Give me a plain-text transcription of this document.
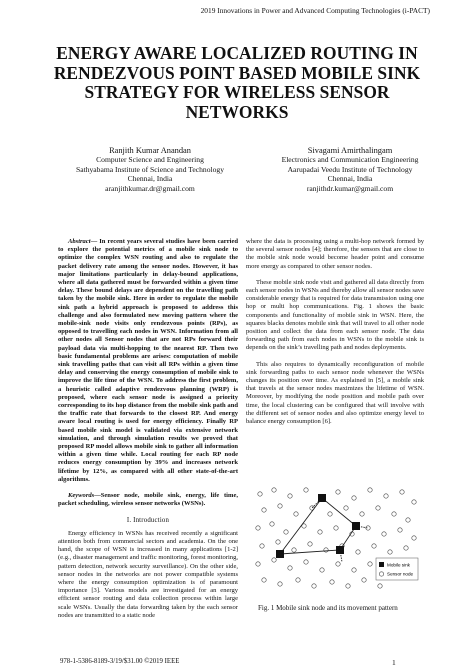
2019 Innovations in Power and Advanced Computing Technologies (i-PACT)
ENERGY AWARE LOCALIZED ROUTING IN
RENDEZVOUS POINT BASED MOBILE SINK
STRATEGY FOR WIRELESS SENSOR
NETWORKS
Ranjith Kumar Anandan
Computer Science and Engineering
Sathyabama Institute of Science and Technology
Chennai, India
aranjithkumar.dr@gmail.com
Sivagami Amirthalingam
Electronics and Communication Engineering
Aarupadai Veedu Institute of Technology
Chennai, India
ranjithdr.kumar@gmail.com

Abstract— In recent years several studies have been carried to explore the potential metrics of a mobile sink node to optimize the complex WSN routing and also to regulate the packet delivery rate among the sensor nodes. However, it has major limitations particularly in delay-bound applications, where all data gathered must be forwarded within a given time delay. These bound delays are dependent on the travelling path taken by the mobile sink. Here in order to regulate the mobile sink path a hybrid approach is proposed to address this challenge and also formulated new moving pattern where the mobile-sink node visits only rendezvous points (RPs), as opposed to travelling each nodes in WSN. Information from all other nodes all Sensor nodes that are not RPs forward their payload data via multi-hopping to the nearest RP. Then two basic fundamental problems are arises: computation of mobile sink travelling paths that can visit all RPs within a given time delay and conserving the energy consumption of mobile sink to improve the life time of the WSN. To address the first problem, a heuristic called adaptive rendezvous planning (WRP) is proposed, where each sensor node is assigned a priority corresponding to its hop distance from the mobile sink path and the traffic rate that forwards to the closest RP. And energy aware local routing is used for energy efficiency. Finally RP based mobile sink model is validated via extensive network simulation, and through simulation results we proved that proposed RP model allows mobile sink to gather all information within a given time while. Local routing for each RP node reduces energy consumption by 39% and increases network lifetime by 12%, as compared with all other state-of-the-art algorithms.

Keywords—Sensor node, mobile sink, energy, life time, packet scheduling, wireless sensor networks (WSNs).

I. Introduction

Energy efficiency in WSNs has received recently a significant attention both from commercial sectors and academia. On the one hand, the scope of WSN is increased in many applications [1-2](e.g., disaster management and traffic monitoring, forest monitoring, pattern detection, network security surveillance). On the other side, sensor nodes in the networks are not power compatible systems where the energy consumption optimization is of paramount importance [3]. Various models are investigated for an energy efficient sensor routing and data collection process within large scale WSNs. Usually the data forwarding taken by the each sensor nodes are transmitted to a static node

where the data is processing using a multi-hop network formed by the several sensor nodes [4]; therefore, the sensors that are close to the mobile sink node would become header point and consume more energy as compared to other sensor nodes.

These mobile sink node visit and gathered all data directly from each sensor nodes in WSNs and thereby allow all sensor nodes save considerable energy that is required for data transmission using one hop or multi hop communications. Fig. 1 shows the basic components and functionality of mobile sink in WSN. Here, the squares blacks denotes mobile sink that will travel to all other node position and collect the data from each sensor node. The data forwarding path from each nodes in WSNs to the mobile sink is depends on the sink’s travelling path and nodes deployments.

This also requires to dynamically reconfiguration of mobile sink forwarding paths to each sensor node whenever the WSNs changes its position over time. As explained in [5], a mobile sink that travels at the sensor nodes maximizes the lifetime of WSN. Moreover, by modifying the node position and mobile path over time, the local clustering can be configured that will involve with the different set of sensor nodes and also optimize energy level to balance energy consumption [6].

Mobile sink
Sensor node
Fig. 1 Mobile sink node and its movement pattern
978-1-5386-8189-3/19/$31.00 ©2019 IEEE	1
